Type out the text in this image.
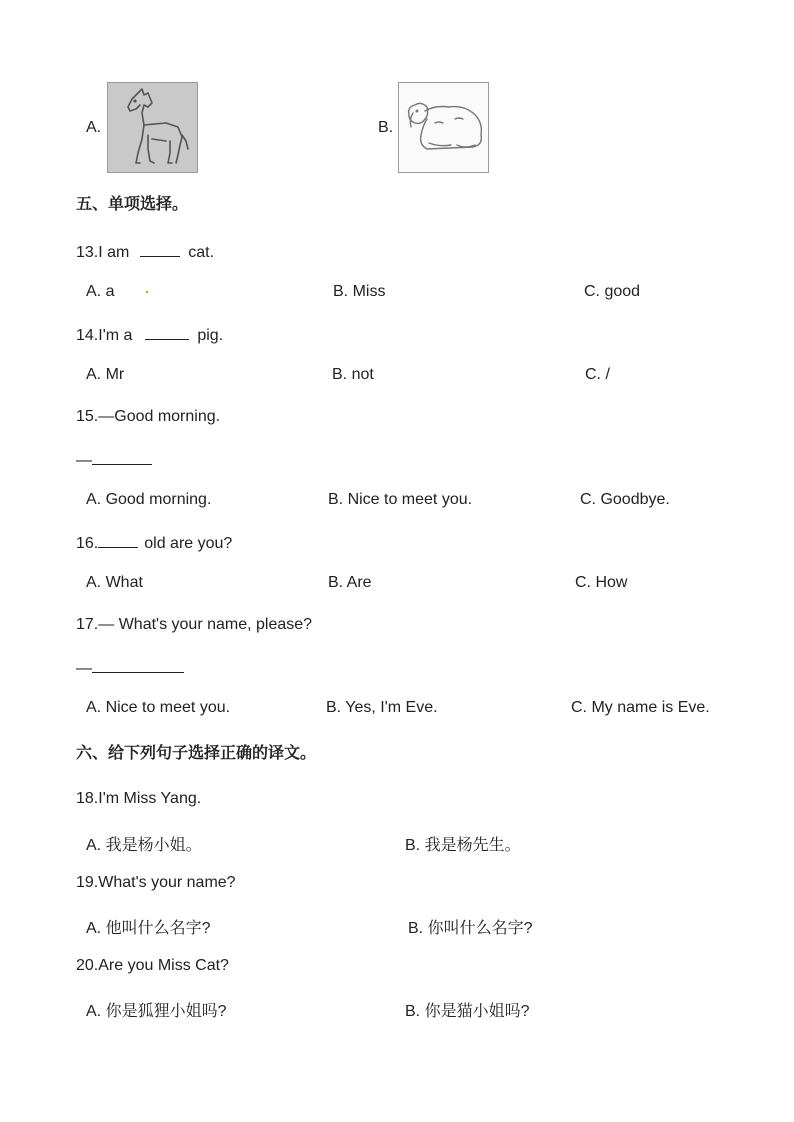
A.	B.
五、单项选择。
13.I am	cat.
A. a	B. Miss	C. good
14.I'm a	pig.
A. Mr	B. not	C. /
15.—Good morning.
—
A. Good morning.	B. Nice to meet you.	C. Goodbye.
16.	old are you?
A. What	B. Are	C. How
17.— What's your name, please?
—
A. Nice to meet you.	B. Yes, I'm Eve.	C. My name is Eve.
六、给下列句子选择正确的译文。
18.I'm Miss Yang.
A. 我是杨小姐。	B. 我是杨先生。
19.What's your name?
A. 他叫什么名字?	B. 你叫什么名字?
20.Are you Miss Cat?
A. 你是狐狸小姐吗?	B. 你是猫小姐吗?
